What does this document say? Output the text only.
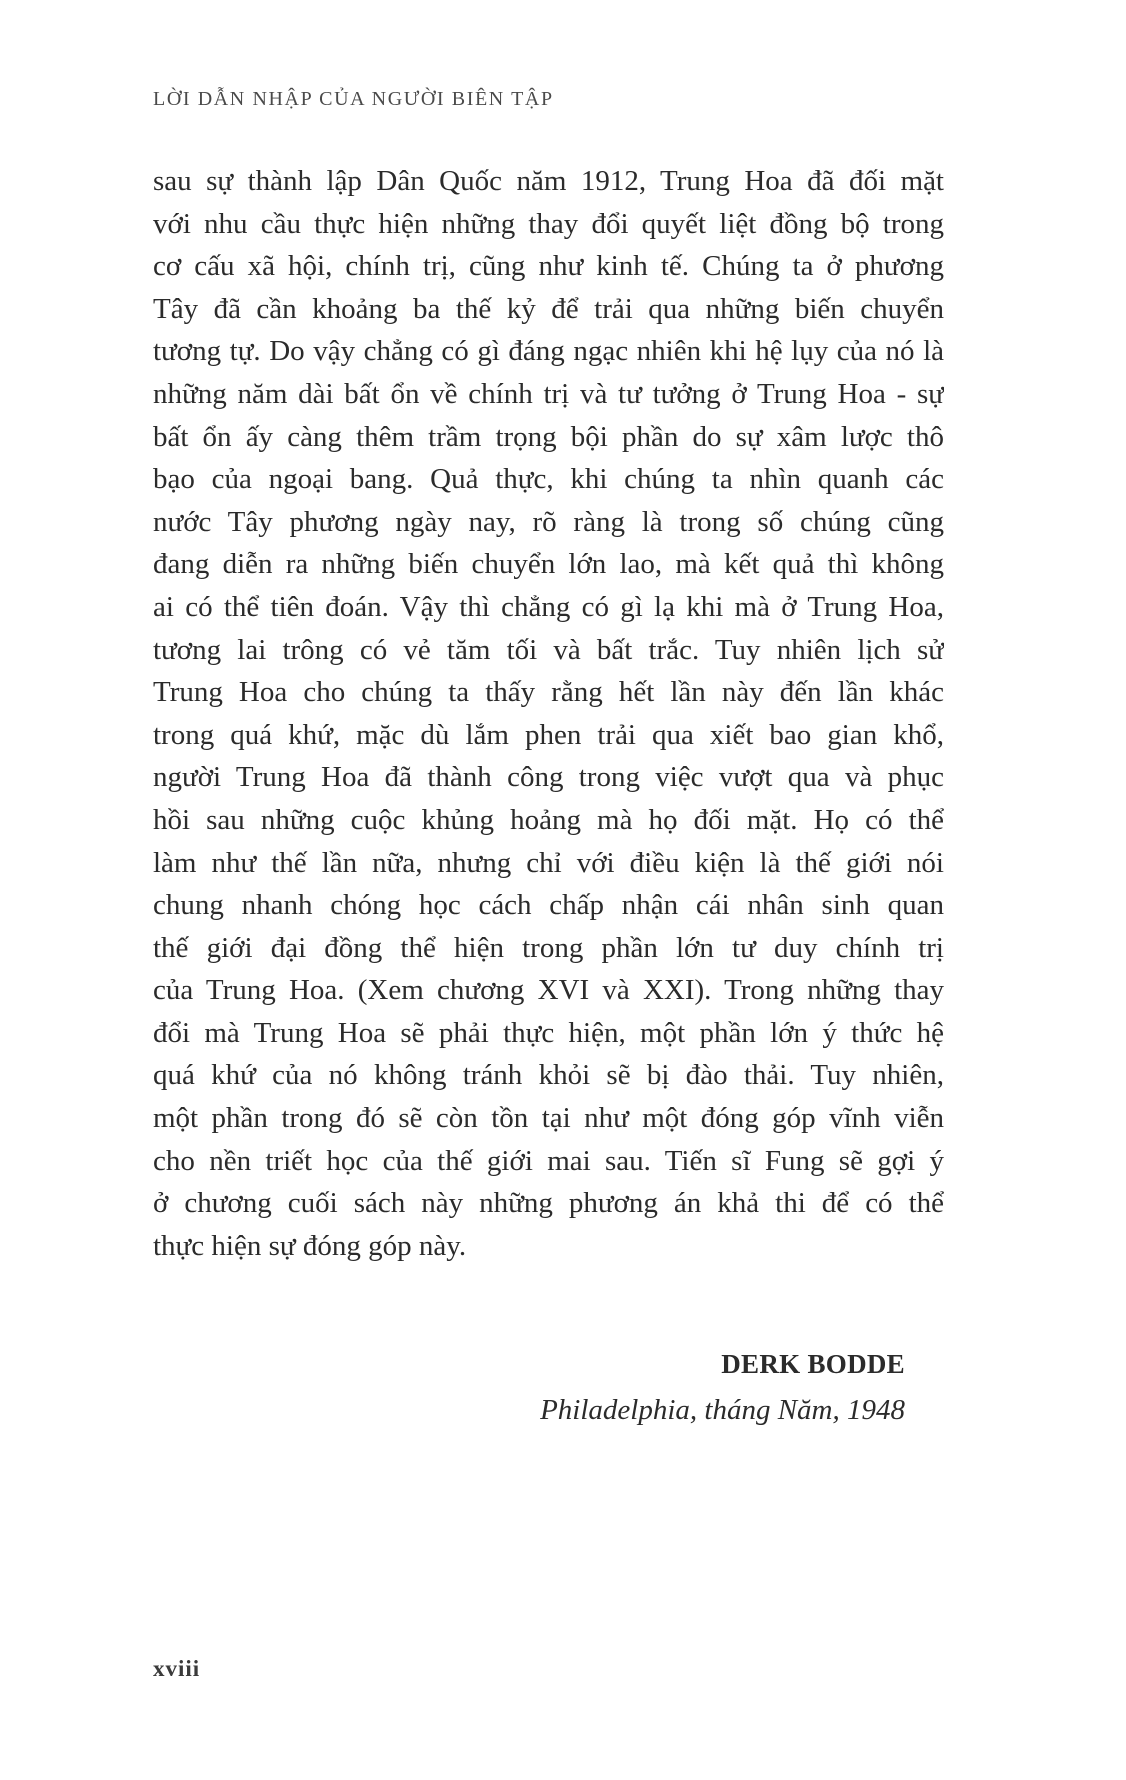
LỜI DẪN NHẬP CỦA NGƯỜI BIÊN TẬP
sau sự thành lập Dân Quốc năm 1912, Trung Hoa đã đối mặt
với nhu cầu thực hiện những thay đổi quyết liệt đồng bộ trong
cơ cấu xã hội, chính trị, cũng như kinh tế. Chúng ta ở phương
Tây đã cần khoảng ba thế kỷ để trải qua những biến chuyển
tương tự. Do vậy chẳng có gì đáng ngạc nhiên khi hệ lụy của nó là
những năm dài bất ổn về chính trị và tư tưởng ở Trung Hoa - sự
bất ổn ấy càng thêm trầm trọng bội phần do sự xâm lược thô
bạo của ngoại bang. Quả thực, khi chúng ta nhìn quanh các
nước Tây phương ngày nay, rõ ràng là trong số chúng cũng
đang diễn ra những biến chuyển lớn lao, mà kết quả thì không
ai có thể tiên đoán. Vậy thì chẳng có gì lạ khi mà ở Trung Hoa,
tương lai trông có vẻ tăm tối và bất trắc. Tuy nhiên lịch sử
Trung Hoa cho chúng ta thấy rằng hết lần này đến lần khác
trong quá khứ, mặc dù lắm phen trải qua xiết bao gian khổ,
người Trung Hoa đã thành công trong việc vượt qua và phục
hồi sau những cuộc khủng hoảng mà họ đối mặt. Họ có thể
làm như thế lần nữa, nhưng chỉ với điều kiện là thế giới nói
chung nhanh chóng học cách chấp nhận cái nhân sinh quan
thế giới đại đồng thể hiện trong phần lớn tư duy chính trị
của Trung Hoa. (Xem chương XVI và XXI). Trong những thay
đổi mà Trung Hoa sẽ phải thực hiện, một phần lớn ý thức hệ
quá khứ của nó không tránh khỏi sẽ bị đào thải. Tuy nhiên,
một phần trong đó sẽ còn tồn tại như một đóng góp vĩnh viễn
cho nền triết học của thế giới mai sau. Tiến sĩ Fung sẽ gợi ý
ở chương cuối sách này những phương án khả thi để có thể
thực hiện sự đóng góp này.
DERK BODDE
Philadelphia, tháng Năm, 1948
xviii
